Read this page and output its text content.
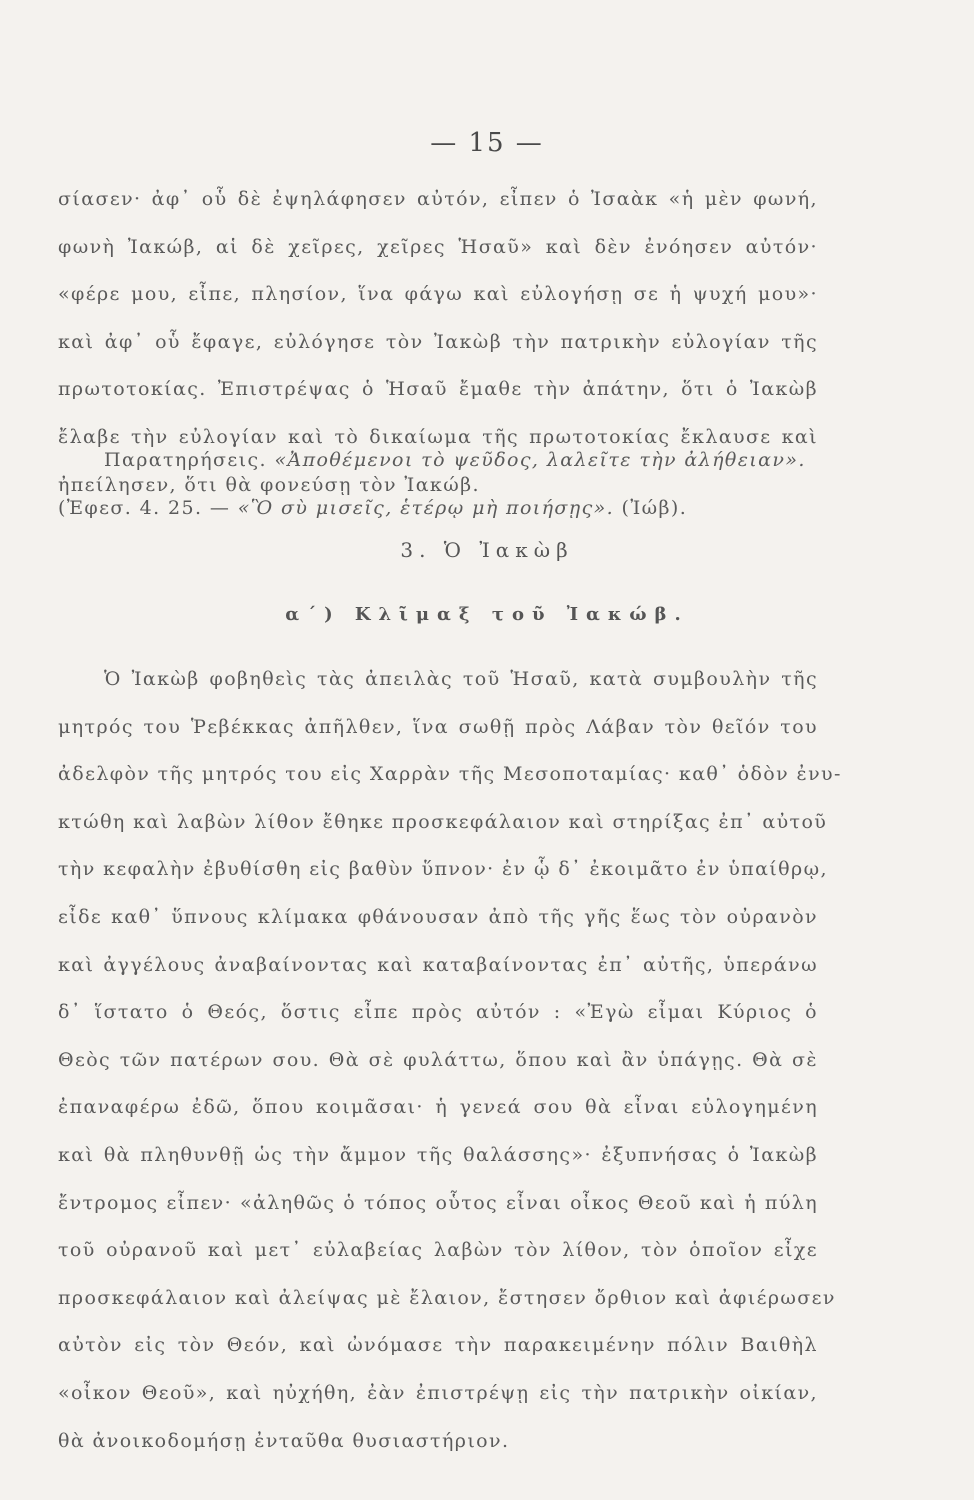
— 15 —
σίασεν· ἀφ᾽ οὗ δὲ ἐψηλάφησεν αὐτόν, εἶπεν ὁ Ἰσαὰκ «ἡ μὲν φωνή,
φωνὴ Ἰακώβ, αἱ δὲ χεῖρες, χεῖρες Ἡσαῦ» καὶ δὲν ἐνόησεν αὐτόν·
«φέρε μου, εἶπε, πλησίον, ἵνα φάγω καὶ εὐλογήσῃ σε ἡ ψυχή μου»·
καὶ ἀφ᾽ οὗ ἔφαγε, εὐλόγησε τὸν Ἰακὼβ τὴν πατρικὴν εὐλογίαν τῆς
πρωτοτοκίας. Ἐπιστρέψας ὁ Ἡσαῦ ἔμαθε τὴν ἀπάτην, ὅτι ὁ Ἰακὼβ
ἔλαβε τὴν εὐλογίαν καὶ τὸ δικαίωμα τῆς πρωτοτοκίας ἔκλαυσε καὶ
ἠπείλησεν, ὅτι θὰ φονεύσῃ τὸν Ἰακώβ.
Παρατηρήσεις. «Ἀποθέμενοι τὸ ψεῦδος, λαλεῖτε τὴν ἀλήθειαν».
(Ἐφεσ. 4. 25. — «Ὃ σὺ μισεῖς, ἑτέρῳ μὴ ποιήσῃς». (Ἰώβ).
3. Ὁ Ἰακὼβ
α΄) Κλῖμαξ τοῦ Ἰακώβ.
Ὁ Ἰακὼβ φοβηθεὶς τὰς ἀπειλὰς τοῦ Ἡσαῦ, κατὰ συμβουλὴν τῆς
μητρός του Ῥεβέκκας ἀπῆλθεν, ἵνα σωθῇ πρὸς Λάβαν τὸν θεῖόν του
ἀδελφὸν τῆς μητρός του εἰς Χαρρὰν τῆς Μεσοποταμίας· καθ᾽ ὁδὸν ἐνυ-
κτώθη καὶ λαβὼν λίθον ἔθηκε προσκεφάλαιον καὶ στηρίξας ἐπ᾽ αὐτοῦ
τὴν κεφαλὴν ἐβυθίσθη εἰς βαθὺν ὕπνον· ἐν ᾧ δ᾽ ἐκοιμᾶτο ἐν ὑπαίθρῳ,
εἶδε καθ᾽ ὕπνους κλίμακα φθάνουσαν ἀπὸ τῆς γῆς ἕως τὸν οὐρανὸν
καὶ ἀγγέλους ἀναβαίνοντας καὶ καταβαίνοντας ἐπ᾽ αὐτῆς, ὑπεράνω
δ᾽ ἵστατο ὁ Θεός, ὅστις εἶπε πρὸς αὐτόν : «Ἐγὼ εἶμαι Κύριος ὁ
Θεὸς τῶν πατέρων σου. Θὰ σὲ φυλάττω, ὅπου καὶ ἂν ὑπάγῃς. Θὰ σὲ
ἐπαναφέρω ἐδῶ, ὅπου κοιμᾶσαι· ἡ γενεά σου θὰ εἶναι εὐλογημένη
καὶ θὰ πληθυνθῇ ὡς τὴν ἄμμον τῆς θαλάσσης»· ἐξυπνήσας ὁ Ἰακὼβ
ἔντρομος εἶπεν· «ἀληθῶς ὁ τόπος οὗτος εἶναι οἶκος Θεοῦ καὶ ἡ πύλη
τοῦ οὐρανοῦ καὶ μετ᾽ εὐλαβείας λαβὼν τὸν λίθον, τὸν ὁποῖον εἶχε
προσκεφάλαιον καὶ ἀλείψας μὲ ἔλαιον, ἔστησεν ὄρθιον καὶ ἀφιέρωσεν
αὐτὸν εἰς τὸν Θεόν, καὶ ὠνόμασε τὴν παρακειμένην πόλιν Βαιθὴλ
«οἶκον Θεοῦ», καὶ ηὐχήθη, ἐὰν ἐπιστρέψῃ εἰς τὴν πατρικὴν οἰκίαν,
θὰ ἀνοικοδομήσῃ ἐνταῦθα θυσιαστήριον.
